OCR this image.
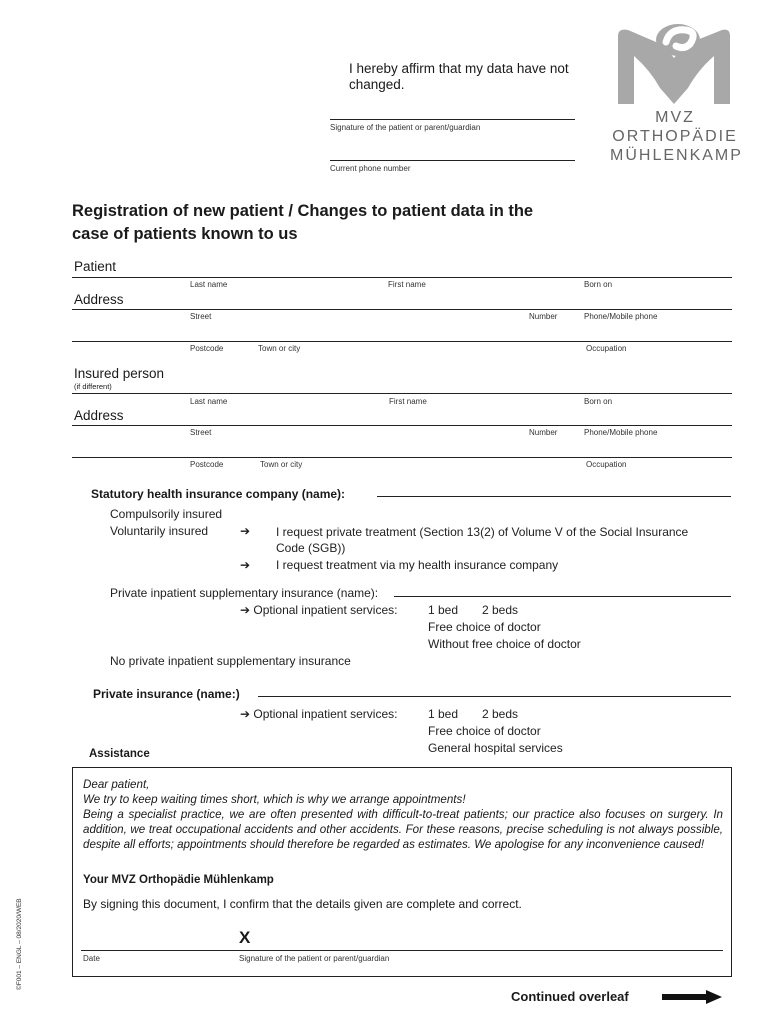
I hereby affirm that my data have not
changed.
Signature of the patient or parent/guardian
Current phone number
MVZ
ORTHOPÄDIE
MÜHLENKAMP
Registration of new patient / Changes to patient data in the
case of patients known to us
Patient
Last name	First name	Born on
Address
Street	Number	Phone/Mobile phone
Postcode	Town or city	Occupation
Insured person
(if different)
Last name	First name	Born on
Address
Street	Number	Phone/Mobile phone
Postcode	Town or city	Occupation
Statutory health insurance company (name):
Compulsorily insured
Voluntarily insured	➔ I request private treatment (Section 13(2) of Volume V of the Social Insurance
Code (SGB))
➔ I request treatment via my health insurance company
Private inpatient supplementary insurance (name):
➔ Optional inpatient services:	1 bed 2 beds
Free choice of doctor
Without free choice of doctor
No private inpatient supplementary insurance
Private insurance (name:)
➔ Optional inpatient services:	1 bed 2 beds
Free choice of doctor
General hospital services
Assistance

Dear patient,

We try to keep waiting times short, which is why we arrange appointments!

Being a specialist practice, we are often presented with difficult-to-treat patients; our practice also focuses on surgery. In addition, we treat occupational accidents and other accidents. For these reasons, precise scheduling is not always possible, despite all efforts; appointments should therefore be regarded as estimates. We apologise for any inconvenience caused!

Your MVZ Orthopädie Mühlenkamp
By signing this document, I confirm that the details given are complete and correct.
X
Date	Signature of the patient or parent/guardian
©F001 – ENGL – 08/2020/WEB
Continued overleaf
